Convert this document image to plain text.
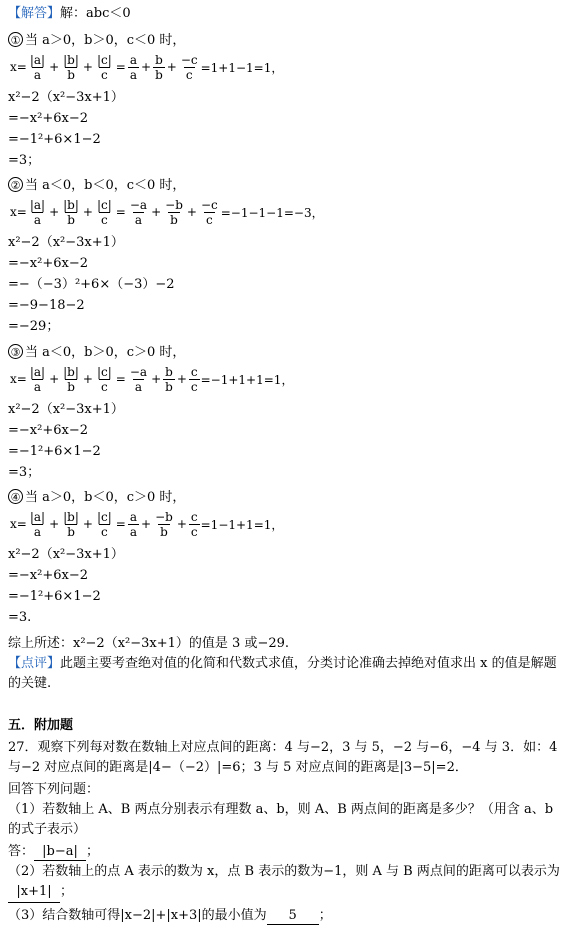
【解答】解：abc＜0
① 当 a＞0，b＞0，c＜0 时，
$x= \frac{|a|}{a} + \frac{|b|}{b} + \frac{|c|}{c} = \frac{a}{a} + \frac{b}{b} + \frac{-c}{c} =1+1-1=1$，
x²−2（x²−3x+1）
=−x²+6x−2
=−1²+6×1−2
=3；
② 当 a＜0，b＜0，c＜0 时，
$x= \frac{|a|}{a} + \frac{|b|}{b} + \frac{|c|}{c} = \frac{-a}{a} + \frac{-b}{b} + \frac{-c}{c} =-1-1-1=-3$，
x²−2（x²−3x+1）
=−x²+6x−2
=−（−3）²+6×（−3）−2
=−9−18−2
=−29；
③ 当 a＜0，b＞0，c＞0 时，
$x= \frac{|a|}{a} + \frac{|b|}{b} + \frac{|c|}{c} = \frac{-a}{a} + \frac{b}{b} + \frac{c}{c} =-1+1+1=1$，
x²−2（x²−3x+1）
=−x²+6x−2
=−1²+6×1−2
=3；
④ 当 a＞0，b＜0，c＞0 时，
$x= \frac{|a|}{a} + \frac{|b|}{b} + \frac{|c|}{c} = \frac{a}{a} + \frac{-b}{b} + \frac{c}{c} =1-1+1=1$，
x²−2（x²−3x+1）
=−x²+6x−2
=−1²+6×1−2
=3.
综上所述：x²−2（x²−3x+1）的值是 3 或−29.
【点评】此题主要考查绝对值的化简和代数式求值，分类讨论准确去掉绝对值求出 x 的值是解题的关键.
五．附加题
27．观察下列每对数在数轴上对应点间的距离：4 与−2，3 与 5，−2 与−6，−4 与 3．如：4 与−2 对应点间的距离是|4−（−2）|=6；3 与 5 对应点间的距离是|3−5|=2．
回答下列问题：
（1）若数轴上 A、B 两点分别表示有理数 a、b，则 A、B 两点间的距离是多少？（用含 a、b 的式子表示）
答： |b−a| ；
（2）若数轴上的点 A 表示的数为 x，点 B 表示的数为−1，则 A 与 B 两点间的距离可以表示为|x+1| ；
（3）结合数轴可得|x−2|+|x+3|的最小值为 5 ；
